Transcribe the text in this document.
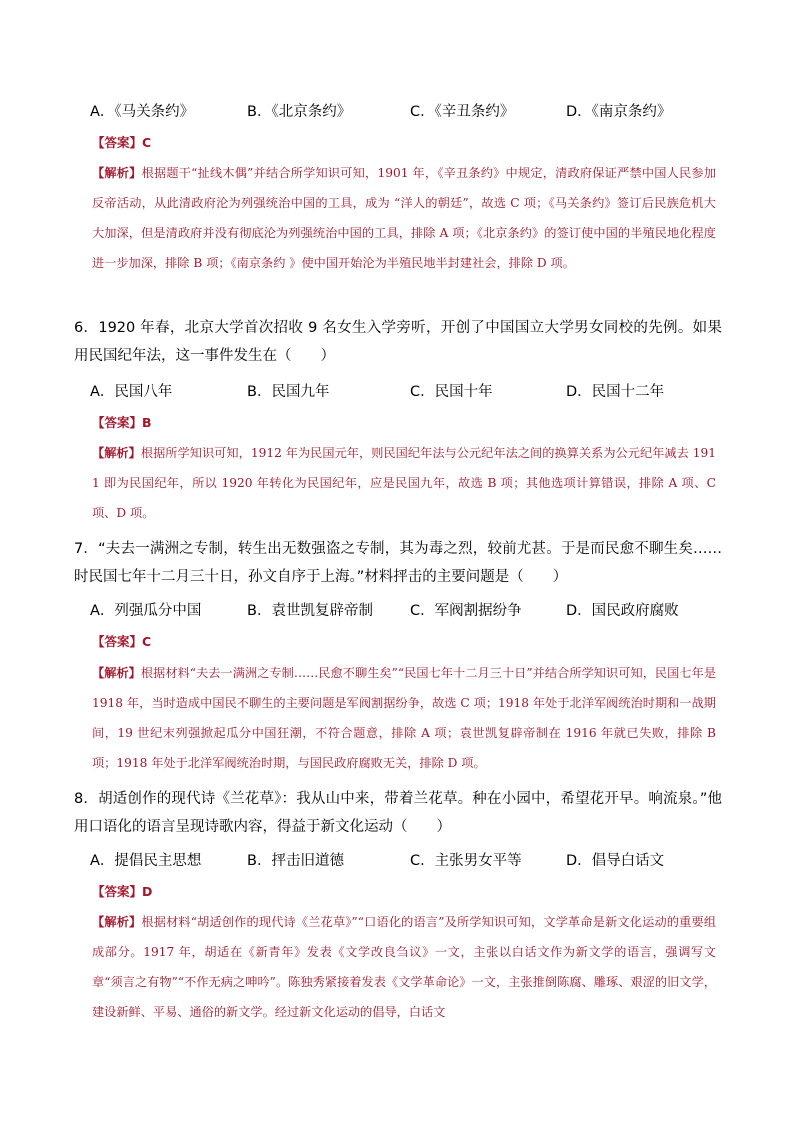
A．《马关条约》	B．《北京条约》	C．《辛丑条约》	D．《南京条约》
【答案】C
【解析】根据题干“扯线木偶”并结合所学知识可知，1901 年，《辛丑条约》中规定，清政府保证严禁中国人民参加反帝活动，从此清政府沦为列强统治中国的工具，成为 “洋人的朝廷”，故选 C 项；《马关条约》签订后民族危机大大加深，但是清政府并没有彻底沦为列强统治中国的工具，排除 A 项；《北京条约》的签订使中国的半殖民地化程度进一步加深，排除 B 项；《南京条约 》使中国开始沦为半殖民地半封建社会，排除 D 项。
6．1920 年春，北京大学首次招收 9 名女生入学旁听，开创了中国国立大学男女同校的先例。如果用民国纪年法，这一事件发生在（　　）
A．民国八年	B．民国九年	C．民国十年	D．民国十二年
【答案】B
【解析】根据所学知识可知，1912 年为民国元年，则民国纪年法与公元纪年法之间的换算关系为公元纪年减去 1911 即为民国纪年，所以 1920 年转化为民国纪年，应是民国九年，故选 B 项；其他选项计算错误，排除 A 项、C 项、D 项。
7．“夫去一满洲之专制，转生出无数强盗之专制，其为毒之烈，较前尤甚。于是而民愈不聊生矣……时民国七年十二月三十日，孙文自序于上海。”材料抨击的主要问题是（　　）
A．列强瓜分中国	B．袁世凯复辟帝制	C．军阀割据纷争	D．国民政府腐败
【答案】C
【解析】根据材料“夫去一满洲之专制……民愈不聊生矣”“民国七年十二月三十日”并结合所学知识可知，民国七年是 1918 年，当时造成中国民不聊生的主要问题是军阀割据纷争，故选 C 项；1918 年处于北洋军阀统治时期和一战期间，19 世纪末列强掀起瓜分中国狂潮，不符合题意，排除 A 项；袁世凯复辟帝制在 1916 年就已失败，排除 B 项；1918 年处于北洋军阀统治时期，与国民政府腐败无关，排除 D 项。
8．胡适创作的现代诗《兰花草》：我从山中来，带着兰花草。种在小园中，希望花开早。响流泉。”他用口语化的语言呈现诗歌内容，得益于新文化运动（　　）
A．提倡民主思想	B．抨击旧道德	C．主张男女平等	D．倡导白话文
【答案】D
【解析】根据材料“胡适创作的现代诗《兰花草》”“口语化的语言”及所学知识可知，文学革命是新文化运动的重要组成部分。1917 年，胡适在《新青年》发表《文学改良刍议》一文，主张以白话文作为新文学的语言，强调写文章“须言之有物”“不作无病之呻吟”。陈独秀紧接着发表《文学革命论》一文，主张推倒陈腐、雕琢、艰涩的旧文学，建设新鲜、平易、通俗的新文学。经过新文化运动的倡导，白话文
